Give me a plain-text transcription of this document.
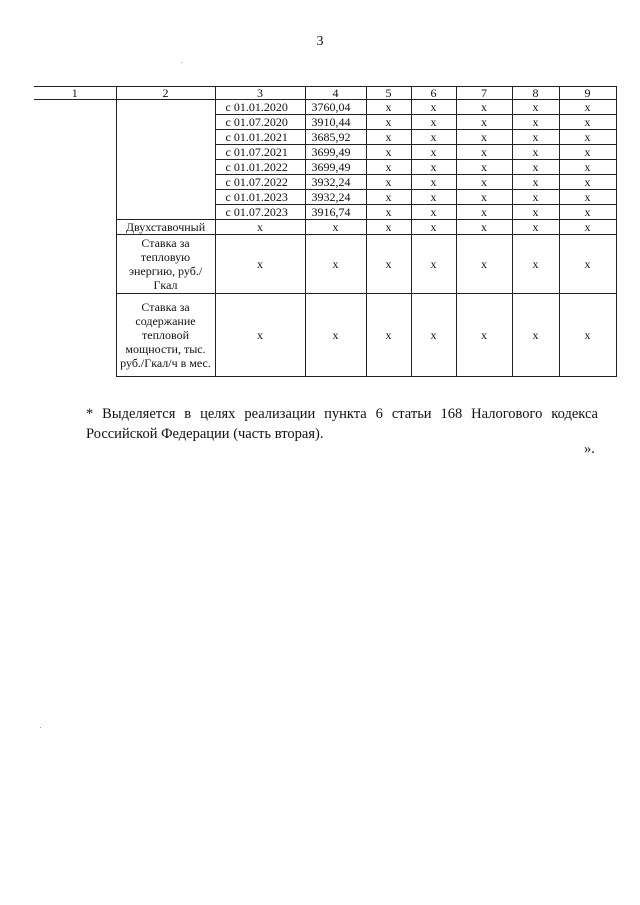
3
1	2	3	4	5	6	7	8	9
		с 01.01.2020	3760,04	x	x	x	x	x
		с 01.07.2020	3910,44	x	x	x	x	x
		с 01.01.2021	3685,92	x	x	x	x	x
		с 01.07.2021	3699,49	x	x	x	x	x
		с 01.01.2022	3699,49	x	x	x	x	x
		с 01.07.2022	3932,24	x	x	x	x	x
		с 01.01.2023	3932,24	x	x	x	x	x
		с 01.07.2023	3916,74	x	x	x	x	x
	Двухставочный	x	x	x	x	x	x	x
	Ставка за тепловую энергию, руб./Гкал	x	x	x	x	x	x	x
	Ставка за содержание тепловой мощности, тыс. руб./Гкал/ч в мес.	x	x	x	x	x	x	x
* Выделяется в целях реализации пункта 6 статьи 168 Налогового кодекса Российской Федерации (часть вторая).
».
